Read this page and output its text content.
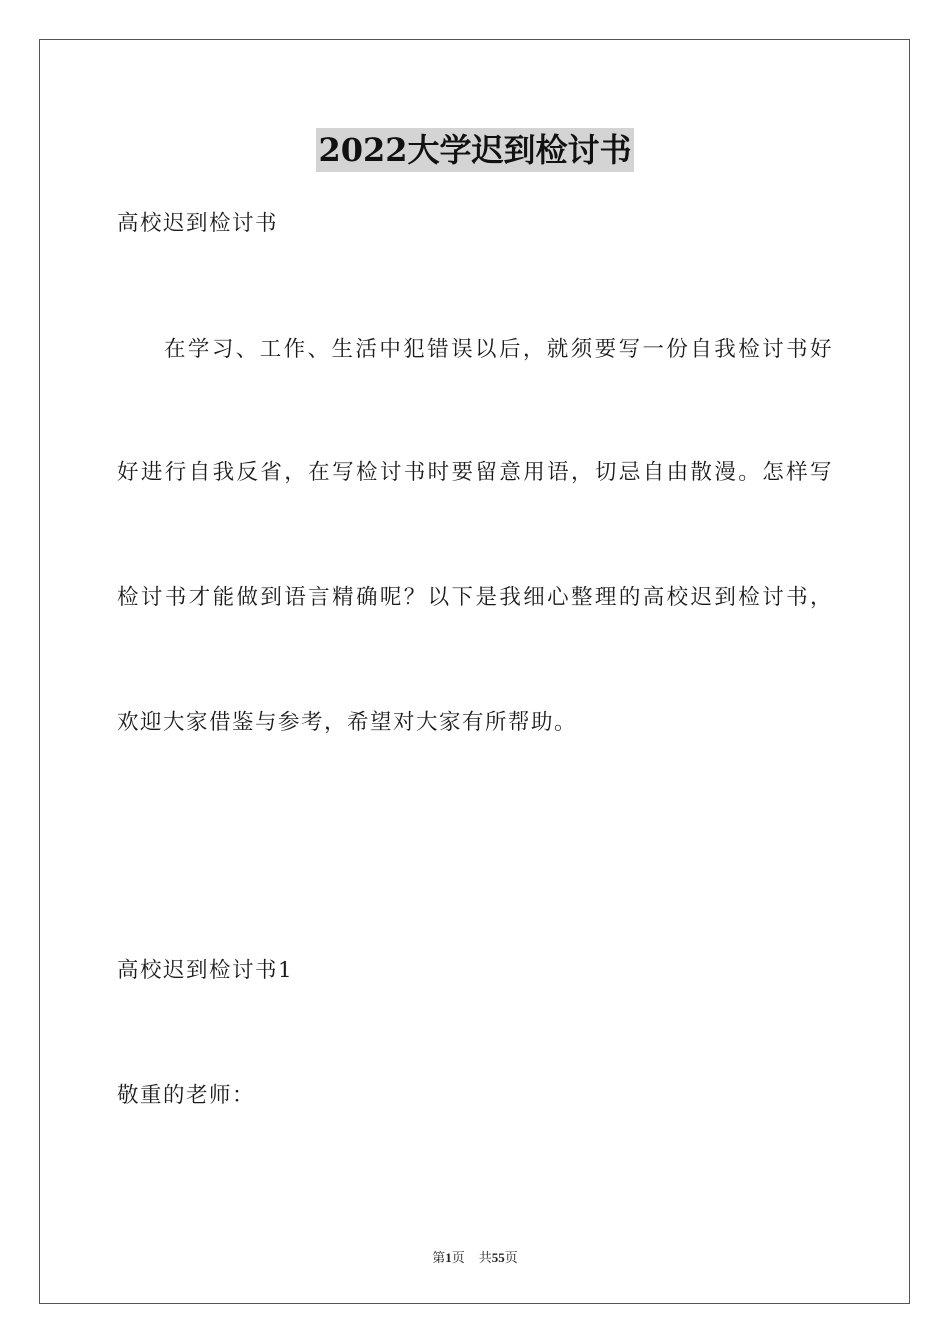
2022大学迟到检讨书
高校迟到检讨书
在学习、工作、生活中犯错误以后，就须要写一份自我检讨书好
好进行自我反省，在写检讨书时要留意用语，切忌自由散漫。怎样写
检讨书才能做到语言精确呢？以下是我细心整理的高校迟到检讨书，
欢迎大家借鉴与参考，希望对大家有所帮助。
高校迟到检讨书1
敬重的老师：
第1页 共55页
